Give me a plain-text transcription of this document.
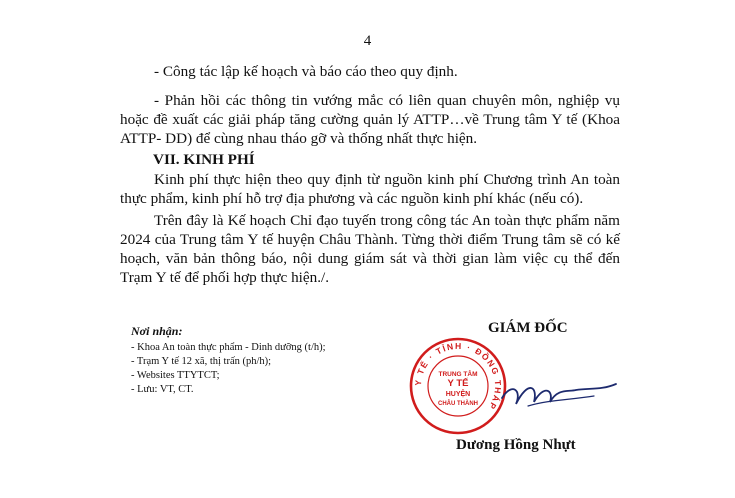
4
- Công tác lập kế hoạch và báo cáo theo quy định.
- Phản hồi các thông tin vướng mắc có liên quan chuyên môn, nghiệp vụ hoặc đề xuất các giải pháp tăng cường quản lý ATTP…về Trung tâm Y tế (Khoa ATTP- DD) để cùng nhau tháo gỡ và thống nhất thực hiện.
VII. KINH PHÍ
Kinh phí thực hiện theo quy định từ nguồn kinh phí Chương trình An toàn thực phẩm, kinh phí hỗ trợ địa phương và các nguồn kinh phí khác (nếu có).
Trên đây là Kế hoạch Chỉ đạo tuyến trong công tác An toàn thực phẩm năm 2024 của Trung tâm Y tế huyện Châu Thành. Từng thời điểm Trung tâm sẽ có kế hoạch, văn bản thông báo, nội dung giám sát và thời gian làm việc cụ thể đến Trạm Y tế để phối hợp thực hiện./.
Nơi nhận:
- Khoa An toàn thực phẩm - Dinh dưỡng (t/h);
- Trạm Y tế 12 xã, thị trấn (ph/h);
- Websites TTYTCT;
- Lưu: VT, CT.
GIÁM ĐỐC
Y TẾ · TỈNH · ĐỒNG THÁP
TRUNG TÂM
Y TẾ
HUYỆN
CHÂU THÀNH
Dương Hồng Nhựt
